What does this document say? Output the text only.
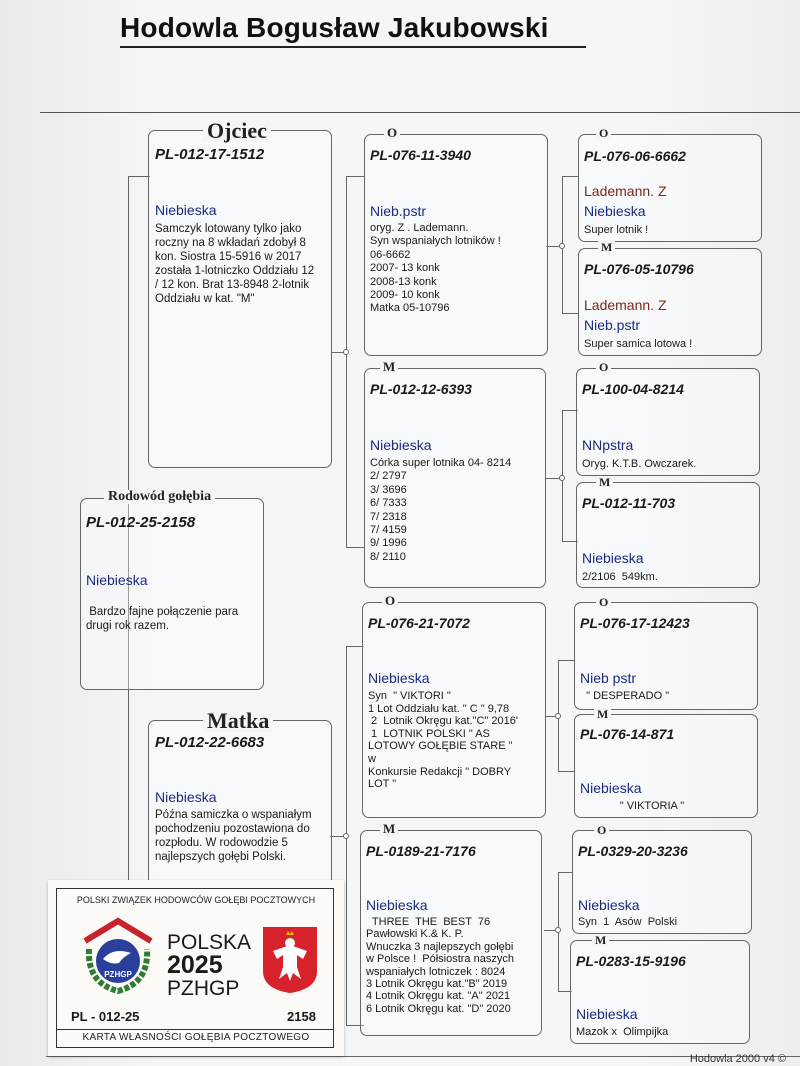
Hodowla Bogusław Jakubowski
Rodowód gołębia
PL-012-25-2158
Niebieska
Bardzo fajne połączenie para
drugi rok razem.
Ojciec
PL-012-17-1512
Niebieska
Samczyk lotowany tylko jako
roczny na 8 wkładań zdobył 8
kon. Siostra 15-5916 w 2017
została 1-lotniczko Oddziału 12
/ 12 kon. Brat 13-8948 2-lotnik
Oddziału w kat. "M"
Matka
PL-012-22-6683
Niebieska
Późna samiczka o wspaniałym
pochodzeniu pozostawiona do
rozpłodu. W rodowodzie 5
najlepszych gołębi Polski.
O
PL-076-11-3940
Nieb.pstr
oryg. Z . Lademann.
Syn wspaniałych lotników !
06-6662
2007- 13 konk
2008-13 konk
2009- 10 konk
Matka 05-10796
M
PL-012-12-6393
Niebieska
Córka super lotnika 04- 8214
2/ 2797
3/ 3696
6/ 7333
7/ 2318
7/ 4159
9/ 1996
8/ 2110
O
PL-076-21-7072
Niebieska
Syn  " VIKTORI "
1 Lot Oddziału kat. " C " 9,78
2  Lotnik Okręgu kat."C" 2016'
1  LOTNIK POLSKI " AS
LOTOWY GOŁĘBIE STARE "
w
Konkursie Redakcji " DOBRY
LOT "
M
PL-0189-21-7176
Niebieska
THREE  THE  BEST  76
Pawłowski K.& K. P.
Wnuczka 3 najlepszych gołębi
w Polsce !  Półsiostra naszych
wspaniałych lotniczek : 8024
3 Lotnik Okręgu kat."B" 2019
4 Lotnik Okręgu kat. "A" 2021
6 Lotnik Okręgu kat. "D" 2020
O
PL-076-06-6662
Lademann. Z
Niebieska
Super lotnik !
M
PL-076-05-10796
Lademann. Z
Nieb.pstr
Super samica lotowa !
O
PL-100-04-8214
NNpstra
Oryg. K.T.B. Owczarek.
M
PL-012-11-703
Niebieska
2/2106  549km.
O
PL-076-17-12423
Nieb pstr
" DESPERADO "
M
PL-076-14-871
Niebieska
" VIKTORIA "
O
PL-0329-20-3236
Niebieska
Syn  1  Asów  Polski
M
PL-0283-15-9196
Niebieska
Mazok x  Olimpijka
Hodowla 2000 v4 ©
POLSKI ZWIĄZEK HODOWCÓW GOŁĘBI POCZTOWYCH
PZHGP
POLSKA
2025
PZHGP
PL - 012-25	2158
KARTA WŁASNOŚCI GOŁĘBIA POCZTOWEGO
